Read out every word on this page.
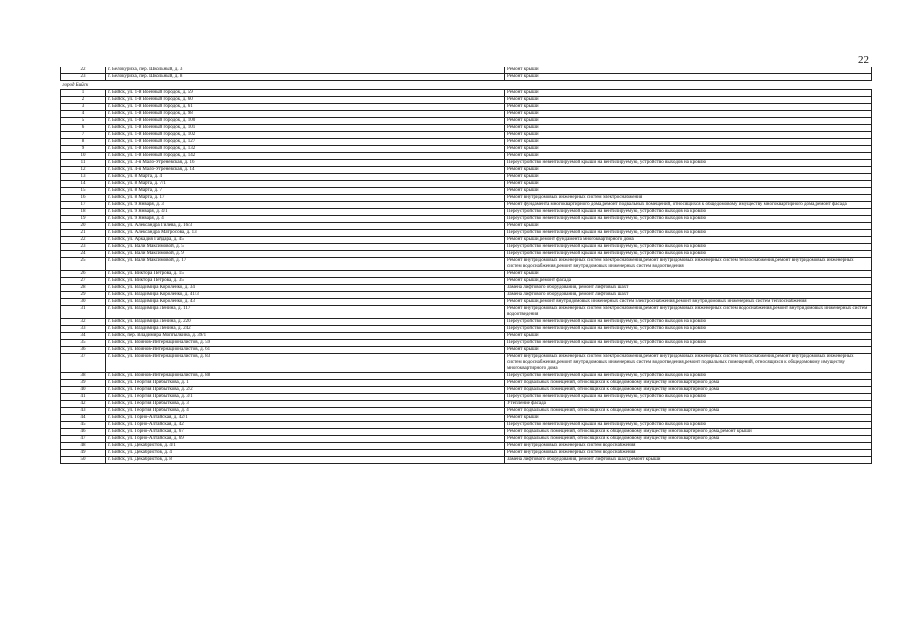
22
22	г. Белокуриха, пер. Школьный, д. 3	Ремонт крыши
23	г. Белокуриха, пер. Школьный, д. 8	Ремонт крыши
город Бийск		
1	г. Бийск, ул. 1-й Военный городок, д. 59	Ремонт крыши
2	г. Бийск, ул. 1-й Военный городок, д. 60	Ремонт крыши
3	г. Бийск, ул. 1-й Военный городок, д. 61	Ремонт крыши
4	г. Бийск, ул. 1-й Военный городок, д. 98	Ремонт крыши
5	г. Бийск, ул. 1-й Военный городок, д. 100	Ремонт крыши
6	г. Бийск, ул. 1-й Военный городок, д. 101	Ремонт крыши
7	г. Бийск, ул. 1-й Военный городок, д. 102	Ремонт крыши
8	г. Бийск, ул. 1-й Военный городок, д. 127	Ремонт крыши
9	г. Бийск, ул. 1-й Военный городок, д. 132	Ремонт крыши
10	г. Бийск, ул. 1-й Военный городок, д. 142	Ремонт крыши
11	г. Бийск, ул. 3-я Мало-Угреневская, д. 16	Переустройство невентилируемой крыши на вентилируемую, устройство выходов на кровлю
12	г. Бийск, ул. 4-я Мало-Угреневская, д. 14	Ремонт крыши
13	г. Бийск, ул. 8 Марта, д. 4	Ремонт крыши
14	г. Бийск, ул. 8 Марта, д. 7/1	Ремонт крыши
15	г. Бийск, ул. 8 Марта, д. 7	Ремонт крыши
16	г. Бийск, ул. 8 Марта, д. 17	Ремонт внутридомовых инженерных систем электроснабжения
17	г. Бийск, ул. 9 Января, д. 3	Ремонт фундамента многоквартирного дома,ремонт подвальных помещений, относящихся к общедомовому имуществу многоквартирного дома,ремонт фасада
18	г. Бийск, ул. 9 Января, д. 4/1	Переустройство невентилируемой крыши на вентилируемую, устройство выходов на кровлю
19	г. Бийск, ул. 9 Января, д. 4	Переустройство невентилируемой крыши на вентилируемую, устройство выходов на кровлю
20	г. Бийск, ул. Александра Гилёва, д. 16/3	Ремонт крыши
21	г. Бийск, ул. Александра Матросова, д. 13	Переустройство невентилируемой крыши на вентилируемую, устройство выходов на кровлю
22	г. Бийск, ул. Аркадия Гайдара, д. 45	Ремонт крыши,ремонт фундамента многоквартирного дома
23	г. Бийск, ул. Вали Максимовой, д. 5	Переустройство невентилируемой крыши на вентилируемую, устройство выходов на кровлю
24	г. Бийск, ул. Вали Максимовой, д. 9	Переустройство невентилируемой крыши на вентилируемую, устройство выходов на кровлю
25	г. Бийск, ул. Вали Максимовой, д. 17	Ремонт внутридомовых инженерных систем электроснабжения,ремонт внутридомовых инженерных систем теплоснабжения,ремонт внутридомовых инженерных систем водоснабжения,ремонт внутридомовых инженерных систем водоотведения
26	г. Бийск, ул. Виктора Петрова, д. 15	Ремонт крыши
27	г. Бийск, ул. Виктора Петрова, д. 35	Ремонт крыши,ремонт фасада
28	г. Бийск, ул. Владимира Короленко, д. 34	Замена лифтового оборудования, ремонт лифтовых шахт
29	г. Бийск, ул. Владимира Короленко, д. 41/3	Замена лифтового оборудования, ремонт лифтовых шахт
30	г. Бийск, ул. Владимира Короленко, д. 43	Ремонт крыши,ремонт внутридомовых инженерных систем электроснабжения,ремонт внутридомовых инженерных систем теплоснабжения
31	г. Бийск, ул. Владимира Ленина, д. 117	Ремонт внутридомовых инженерных систем электроснабжения,ремонт внутридомовых инженерных систем водоснабжения,ремонт внутридомовых инженерных систем водоотведения
32	г. Бийск, ул. Владимира Ленина, д. 220	Переустройство невентилируемой крыши на вентилируемую, устройство выходов на кровлю
33	г. Бийск, ул. Владимира Ленина, д. 242	Переустройство невентилируемой крыши на вентилируемую, устройство выходов на кровлю
34	г. Бийск, пер. Владимира Мопгылкина, д. 39/1	Ремонт крыши
35	г. Бийск, ул. Воинов-Интернационалистов, д. 59	Переустройство невентилируемой крыши на вентилируемую, устройство выходов на кровлю
36	г. Бийск, ул. Воинов-Интернационалистов, д. 61	Ремонт крыши
37	г. Бийск, ул. Воинов-Интернационалистов, д. 83	Ремонт внутридомовых инженерных систем электроснабжения,ремонт внутридомовых инженерных систем теплоснабжения,ремонт внутридомовых инженерных систем водоснабжения,ремонт внутридомовых инженерных систем водоотведения,ремонт подвальных помещений, относящихся к общедомовому имуществу многоквартирного дома
38	г. Бийск, ул. Воинов-Интернационалистов, д. 88	Переустройство невентилируемой крыши на вентилируемую, устройство выходов на кровлю
39	г. Бийск, ул. Георгия Прибыткова, д. 1	Ремонт подвальных помещений, относящихся к общедомовому имуществу многоквартирного дома
40	г. Бийск, ул. Георгия Прибыткова, д. 2/2	Ремонт подвальных помещений, относящихся к общедомовому имуществу многоквартирного дома
41	г. Бийск, ул. Георгия Прибыткова, д. 3/1	Переустройство невентилируемой крыши на вентилируемую, устройство выходов на кровлю
42	г. Бийск, ул. Георгия Прибыткова, д. 3	Утепление фасада
43	г. Бийск, ул. Георгия Прибыткова, д. 4	Ремонт подвальных помещений, относящихся к общедомовому имуществу многоквартирного дома
44	г. Бийск, ул. Горно-Алтайская, д. 42/1	Ремонт крыши
45	г. Бийск, ул. Горно-Алтайская, д. 42	Переустройство невентилируемой крыши на вентилируемую, устройство выходов на кровлю
46	г. Бийск, ул. Горно-Алтайская, д. 67	Ремонт подвальных помещений, относящихся к общедомовому имуществу многоквартирного дома,ремонт крыши
47	г. Бийск, ул. Горно-Алтайская, д. 69	Ремонт подвальных помещений, относящихся к общедомовому имуществу многоквартирного дома
48	г. Бийск, ул. Декабристов, д. 4/1	Ремонт внутридомовых инженерных систем водоснабжения
49	г. Бийск, ул. Декабристов, д. 4	Ремонт внутридомовых инженерных систем водоснабжения
50	г. Бийск, ул. Декабристов, д. 8	Замена лифтового оборудования, ремонт лифтовых шахт,ремонт крыши
